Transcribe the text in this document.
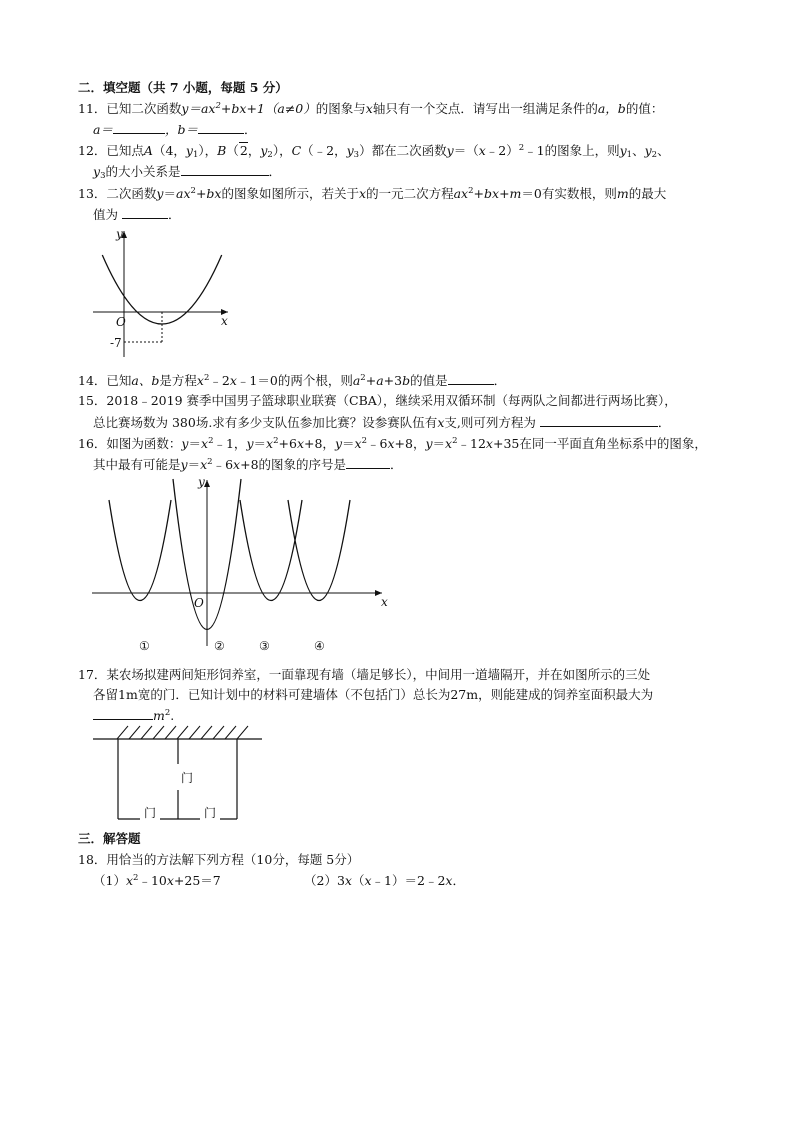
二．填空题（共 7 小题，每题 5 分）
11．已知二次函数$y=ax^2+bx+1(a\ne 0)$的图象与x轴只有一个交点．请写出一组满足条件的a，b的值：
a＝	，b＝	．
12．已知点A（4，$y_1$），B（2，$y_2$），C（﹣2，$y_3$）都在二次函数y＝（x﹣2）$^2$﹣1的图象上，则$y_1$、$y_2$、
$y_3$的大小关系是	．
13．二次函数$y=ax^2+bx$的图象如图所示，若关于x的一元二次方程$ax^2+bx+m=0$有实数根，则m的最大
值为	．
y
x
O
-7
14．已知a、b是方程$x^2﹣2x﹣1=0$的两个根，则$a^2+a+3b$的值是	．
15．2018﹣2019 赛季中国男子篮球职业联赛（CBA），继续采用双循环制（每两队之间都进行两场比赛），
总比赛场数为 380场.求有多少支队伍参加比赛？设参赛队伍有x支,则可列方程为	．
16．如图为函数：$y=x^2﹣1$，$y=x^2+6x+8$，$y=x^2﹣6x+8$，$y=x^2﹣12x+35$在同一平面直角坐标系中的图象，
其中最有可能是$y=x^2﹣6x+8$的图象的序号是	．
y
x
O
①	②	③	④
17．某农场拟建两间矩形饲养室，一面靠现有墙（墙足够长），中间用一道墙隔开，并在如图所示的三处
各留1m宽的门．已知计划中的材料可建墙体（不包括门）总长为27m，则能建成的饲养室面积最大为
$m^2$.
门
门	门
三．解答题
18．用恰当的方法解下列方程（10分，每题 5分）
$(1)x^2﹣10x+25=7$	（2）3x（x﹣1）＝2﹣2x．
